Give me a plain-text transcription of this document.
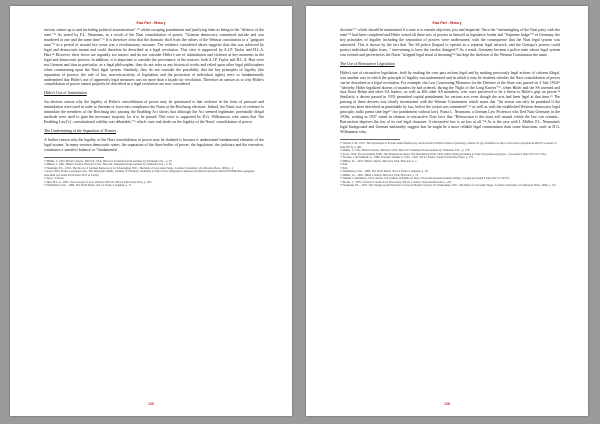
Elza Part - History

serious crimes up to and including political assassinations".²⁰ whilst escaping punishment and justifying them as being in the "defence of the state."²¹ As stated by F.L. Neumann, as a result of the Nazi consolidation of power, "German democracy committed suicide and was murdered at one and the same time".²² It is therefore clear that the dramatic shift from the values of the Weimar constitution to a "gangster state"²³ in a period of around two years was a revolutionary outcome. The evidence considered above suggests that this was achieved by legal and democratic means and could therefore be described as a legal revolution. This view is supported by A.J.P. Taylor and H.L.A. Hart.²⁴ However, their views are arguably too narrow and do not consider Hitler's use of intimidation and violence at key moments in the legal and democratic process. In addition, it is important to consider the provenance of the sources: both A.J.P. Taylor and H.L.A. Hart were not German and thus in particular, as a legal philosopher, they do not refer to any historical works and relied upon other legal philosophers when commenting upon the Nazi legal system. Similarly, they do not consider the possibility that the key principles of legality (the separation of powers, the rule of law, non-retroactivity of legislation and the protection of individual rights) were so fundamentally undermined that Hitler's use of apparently legal measures was no more than a façade for revolution. Therefore an answer as to why Hitler's consolidation of power cannot properly be described as a legal revolution are now considered.

Hitler's Use of Intimidation

An obvious reason why the legality of Hitler's consolidation of power may be questioned is that violence in the form of pressure and intimidation were used in order to threaten or force into compliance the Nazis at the Reichstag elections. Indeed, the Nazis' use of violence to intimidate the members of the Reichstag into passing the Enabling Act shows that although the Act seemed legitimate, potentially illegal methods were used to gain the necessary majority for it to be passed. This view is supported by D.G. Williamson, who states that "the Enabling Law['s]...constitutional validity was debatable,"²⁵ which casts real doubt on the legality of the Nazis' consolidation of power.

The Undermining of the Separation of Powers

A further reason why the legality of the Nazi consolidation of power may be doubted is because it undermined fundamental elements of the legal system. In many western democratic states, the separation of the three bodies of power: the legislature, the judiciary and the executive, constitutes a sensitive balance or "fundamental

²⁰ Müller, I., 1991. Hitler's Justice. Harvard, USA: Harvard. Translated from German by Schneider, D.L., p. 81

²¹ Müller, I., 1991. Hitler's Justice. Harvard, USA: Harvard. Translated from German by Schneider, D.L., p. 81

²² Neumann, F.L., 1953. The Decay of German Democracy. In Schuessman, W.E., The Rule of Law under Siege. London: University of California Press, 1996, p. 4

²³ Anon, 2012. Rome a gangster state. The Telegraph Online, [online] 27 February. Available at: http://www.telegraph.co.uk/news/worldnews/europe/rome/9107018/Rome-a-gangster-state.html [accessed 20 October 2013 at 14:26].

²⁴ See p. 5 above.

²⁵ Hart, H.L.A., 1961. The Concept of Law. Oxford, Oxford: Oxford University Press, p. 205

²⁶ Williamson, D.G., 1982. The Third Reich. 3rd ed. Essex: Longman, p. 11

125
Elza Part - History

doctrine"²⁷ which should be maintained if a state is to remain objective, just and impartial. Once the "intermingling of the Nazi party with the state"²⁸ had been completed and Hitler vested all these sets of powers in himself as legislative leader and "Supreme Judge"²⁹ of Germany, the key principles of legality including the separation of powers were undermined, with the consequence that the Nazi legal system was subverted. This is shown by the fact that "the SS police [began] to operate as a separate legal network, and the Gestapo's powers could protect individual rights from..." intervening to have the verdict changed.³⁰ As a result, Germany became a police state whose legal system was twisted and perverted as the Nazis "stripped legal ritual of meaning"³¹ but kept the skeleton of the Weimar Constitution the same.

The Use of Retroactive Legislation

Hitler's use of retroactive legislation, both by making his own past actions legal and by making previously legal actions of citizens illegal, was another way in which the principle of legality was undermined and in which it may be doubted whether the Nazi consolidation of power can be described as a legal revolution. For example, the Law Concerning Measures for the Defence of the State was passed on 3 July 1934³² "whereby Hitler legalized dozens of murders he had ordered, during the 'Night of the Long Knives'"³³, when Hitler and the SS arrested and shot Ernst Röhm and other SA leaders, as well as 400 other SA members, who were perceived to be a threat to Hitler's grip on power.³⁴ Similarly, a decree passed in 1933 permitted capital punishment for various acts even though the acts had been legal at that time.³⁵ The passing of these decrees was clearly inconsistent with the Weimar Constitution which states that "An action can only be punished if the action has been described as punishable by law, before the action was committed".³⁶ as well as with the established Western democratic legal principle, nulla poena sine lege³⁷ (no punishment without law). Franz L. Neumann, a German Law Professor who fled Nazi Germany in the 1930s, writing in 1937 stated in relation to retroactive Nazi laws that "Retroaction is the most evil assault which the law can commit... Retroaction deprives the law of its real legal character. A retroactive law is no law at all."³⁸ As is the case with I. Müller, F.L. Neumann's legal background and German nationality suggest that he might be a more reliable legal commentator than some historians, such as D.G. Williamson who,

²⁷ Wilson, C.H., 1937. The Separation of Powers under Democracy and Fascism. Political Science Quarterly, [online] 52 (4), Available at: http://www.jstor.org/stable/2144070 [accessed 11 June 2013], p. 482

²⁸ Müller, I., 1991. Hitler's Justice. Harvard, USA: Harvard. Translated from German by Schneider, D.L., p. 178

²⁹ Anon, 1934. The Ascending Truth: The Momentous Years, The Nuremberg Trials 1945-1946 [online] Available at: http://law.jrank.org/pages/... [accessed 9 June 2013 at 17:26].

³⁰ Noakes, J. & Pridham, G., 1984. Nazism, Volume 2, 1919 - 1945. 3rd ed. Exeter: Exeter University Press, p. 179

³¹ Müller, I.L., 1991. Hitler's Justice. Harvard, USA: Harvard. p. 2

³² Ibid.

³³ Ibid.

³⁴ Williamson, D.G., 1982. The Third Reich. 3rd ed. Essex: Longman, p. 18

³⁵ Müller, I.L., 1991. Hitler's Justice. Harvard, USA: Harvard. p. 74

³⁶ Weimar Constitution, 1919. Article 116 [online] Available at: http://www.zum.de/psm/weimar/weimar_vve.php [accessed 9 June 2013 at 16:07].

³⁷ Brodie, J., 1976. Oxford's Concise Law Dictionary. 8th ed. London: Sweet & Maxwell, p. 237

³⁸ Neumann, F.L., 1937. The Change in the Function of Law in Modern Society. In Schuessman, W.E., The Rule of Law under Siege. London: University of California Press, 1996, p. 113

126
